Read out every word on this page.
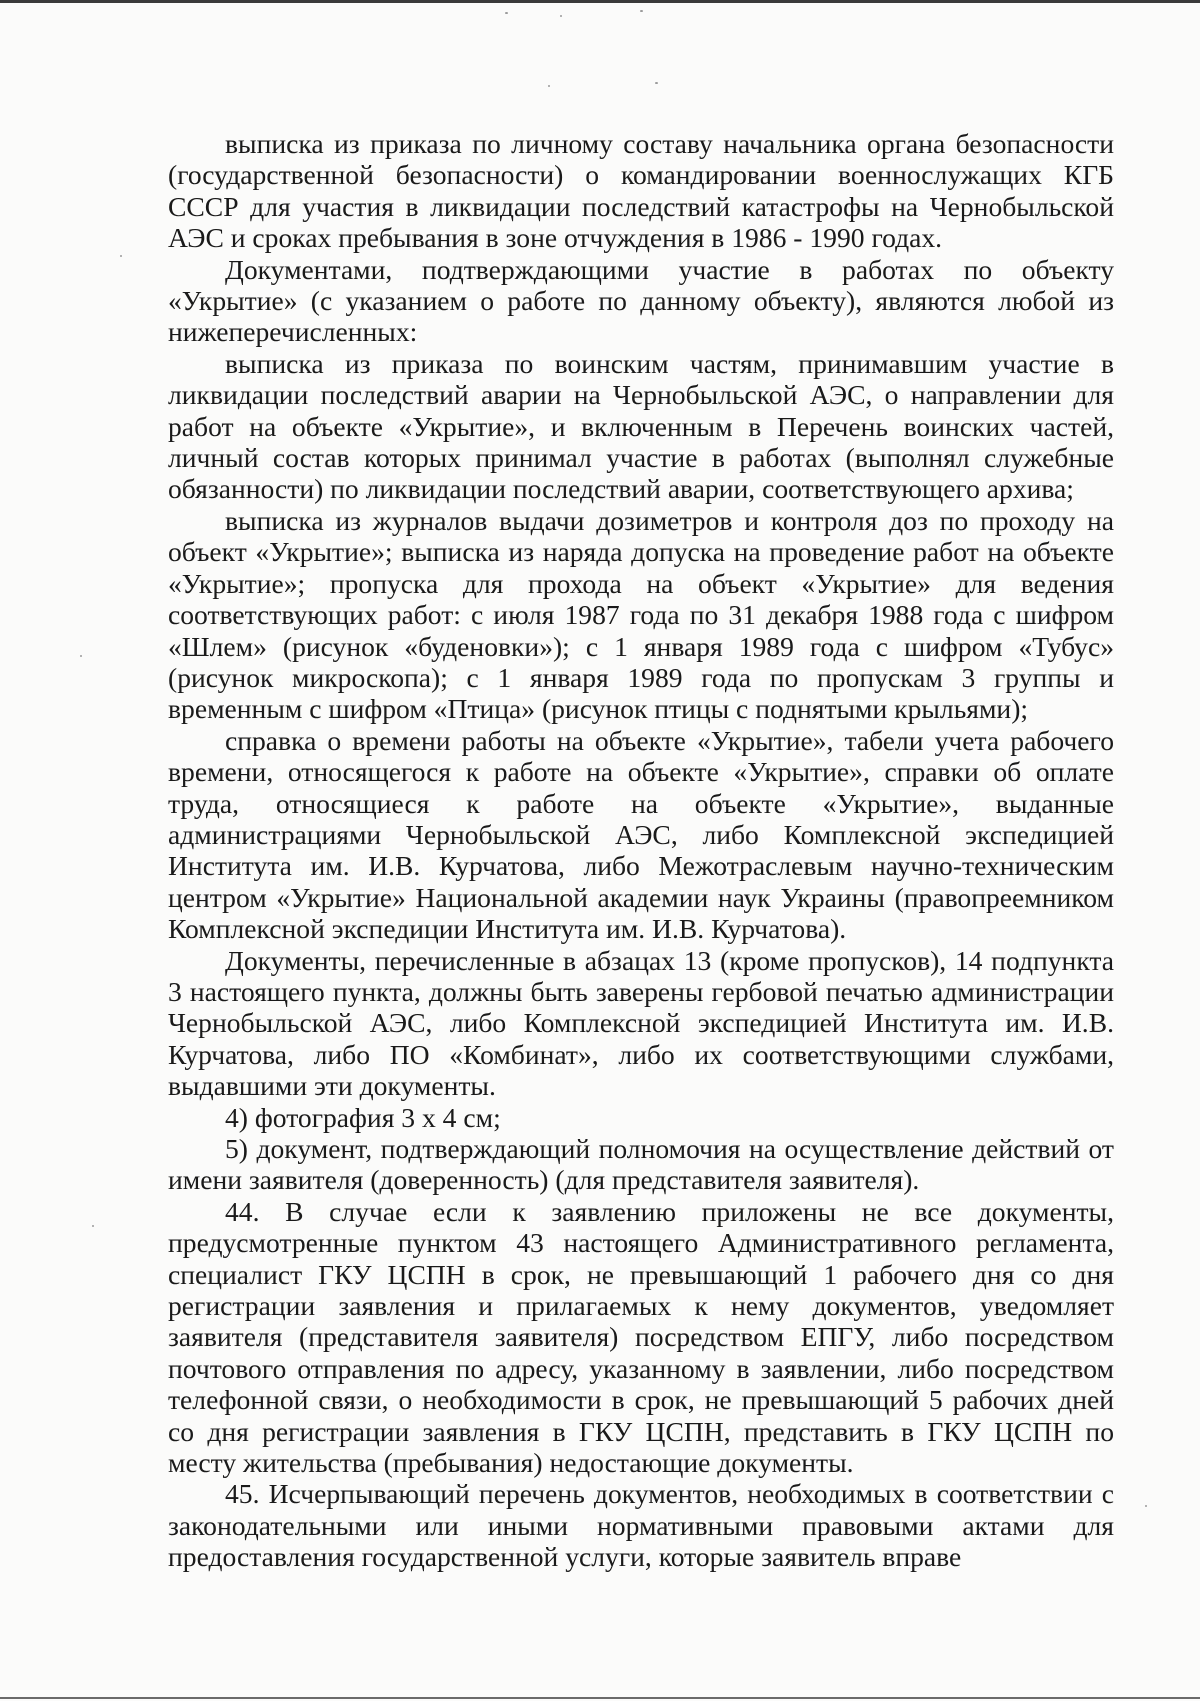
выписка из приказа по личному составу начальника органа безопасности (государственной безопасности) о командировании военнослужащих КГБ СССР для участия в ликвидации последствий катастрофы на Чернобыльской АЭС и сроках пребывания в зоне отчуждения в 1986 - 1990 годах.

Документами, подтверждающими участие в работах по объекту «Укрытие» (с указанием о работе по данному объекту), являются любой из нижеперечисленных:

выписка из приказа по воинским частям, принимавшим участие в ликвидации последствий аварии на Чернобыльской АЭС, о направлении для работ на объекте «Укрытие», и включенным в Перечень воинских частей, личный состав которых принимал участие в работах (выполнял служебные обязанности) по ликвидации последствий аварии, соответствующего архива;

выписка из журналов выдачи дозиметров и контроля доз по проходу на объект «Укрытие»; выписка из наряда допуска на проведение работ на объекте «Укрытие»; пропуска для прохода на объект «Укрытие» для ведения соответствующих работ: с июля 1987 года по 31 декабря 1988 года с шифром «Шлем» (рисунок «буденовки»); с 1 января 1989 года с шифром «Тубус» (рисунок микроскопа); с 1 января 1989 года по пропускам 3 группы и временным с шифром «Птица» (рисунок птицы с поднятыми крыльями);

справка о времени работы на объекте «Укрытие», табели учета рабочего времени, относящегося к работе на объекте «Укрытие», справки об оплате труда, относящиеся к работе на объекте «Укрытие», выданные администрациями Чернобыльской АЭС, либо Комплексной экспедицией Института им. И.В. Курчатова, либо Межотраслевым научно-техническим центром «Укрытие» Национальной академии наук Украины (правопреемником Комплексной экспедиции Института им. И.В. Курчатова).

Документы, перечисленные в абзацах 13 (кроме пропусков), 14 подпункта 3 настоящего пункта, должны быть заверены гербовой печатью администрации Чернобыльской АЭС, либо Комплексной экспедицией Института им. И.В. Курчатова, либо ПО «Комбинат», либо их соответствующими службами, выдавшими эти документы.

4) фотография 3 х 4 см;

5) документ, подтверждающий полномочия на осуществление действий от имени заявителя (доверенность) (для представителя заявителя).

44. В случае если к заявлению приложены не все документы, предусмотренные пунктом 43 настоящего Административного регламента, специалист ГКУ ЦСПН в срок, не превышающий 1 рабочего дня со дня регистрации заявления и прилагаемых к нему документов, уведомляет заявителя (представителя заявителя) посредством ЕПГУ, либо посредством почтового отправления по адресу, указанному в заявлении, либо посредством телефонной связи, о необходимости в срок, не превышающий 5 рабочих дней со дня регистрации заявления в ГКУ ЦСПН, представить в ГКУ ЦСПН по месту жительства (пребывания) недостающие документы.

45. Исчерпывающий перечень документов, необходимых в соответствии с законодательными или иными нормативными правовыми актами для предоставления государственной услуги, которые заявитель вправе
